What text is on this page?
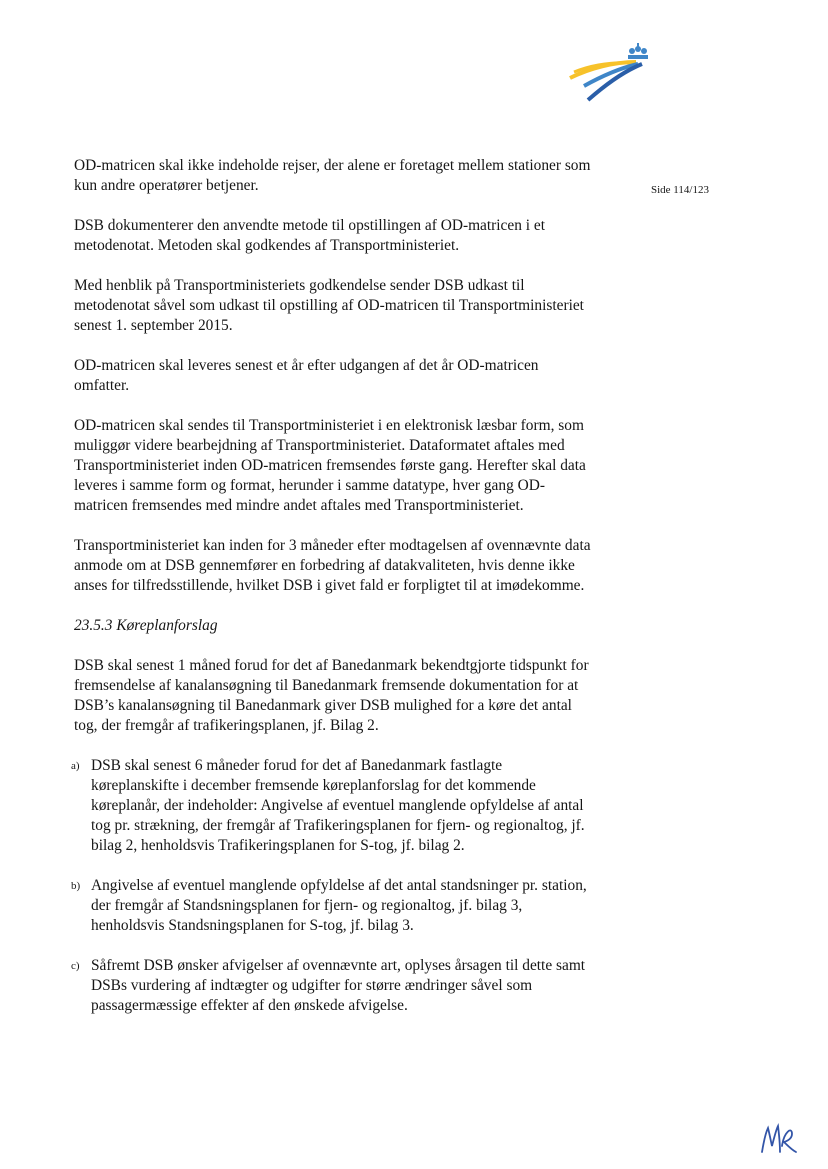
Side 114/123

OD-matricen skal ikke indeholde rejser, der alene er foretaget mellem stationer som kun andre operatører betjener.

DSB dokumenterer den anvendte metode til opstillingen af OD-matricen i et metodenotat. Metoden skal godkendes af Transportministeriet.

Med henblik på Transportministeriets godkendelse sender DSB udkast til metodenotat såvel som udkast til opstilling af OD-matricen til Transportministeriet senest 1. september 2015.

OD-matricen skal leveres senest et år efter udgangen af det år OD-matricen omfatter.

OD-matricen skal sendes til Transportministeriet i en elektronisk læsbar form, som muliggør videre bearbejdning af Transportministeriet. Dataformatet aftales med Transportministeriet inden OD-matricen fremsendes første gang. Herefter skal data leveres i samme form og format, herunder i samme datatype, hver gang OD-matricen fremsendes med mindre andet aftales med Transportministeriet.

Transportministeriet kan inden for 3 måneder efter modtagelsen af ovennævnte data anmode om at DSB gennemfører en forbedring af datakvaliteten, hvis denne ikke anses for tilfredsstillende, hvilket DSB i givet fald er forpligtet til at imødekomme.

23.5.3 Køreplanforslag

DSB skal senest 1 måned forud for det af Banedanmark bekendtgjorte tidspunkt for fremsendelse af kanalansøgning til Banedanmark fremsende dokumentation for at DSB’s kanalansøgning til Banedanmark giver DSB mulighed for a køre det antal tog, der fremgår af trafikeringsplanen, jf. Bilag 2.

a) DSB skal senest 6 måneder forud for det af Banedanmark fastlagte køreplanskifte i december fremsende køreplanforslag for det kommende køreplanår, der indeholder: Angivelse af eventuel manglende opfyldelse af antal tog pr. strækning, der fremgår af Trafikeringsplanen for fjern- og regionaltog, jf. bilag 2, henholdsvis Trafikeringsplanen for S-tog, jf. bilag 2.
b) Angivelse af eventuel manglende opfyldelse af det antal standsninger pr. station, der fremgår af Standsningsplanen for fjern- og regionaltog, jf. bilag 3, henholdsvis Standsningsplanen for S-tog, jf. bilag 3.
c) Såfremt DSB ønsker afvigelser af ovennævnte art, oplyses årsagen til dette samt DSBs vurdering af indtægter og udgifter for større ændringer såvel som passagermæssige effekter af den ønskede afvigelse.
